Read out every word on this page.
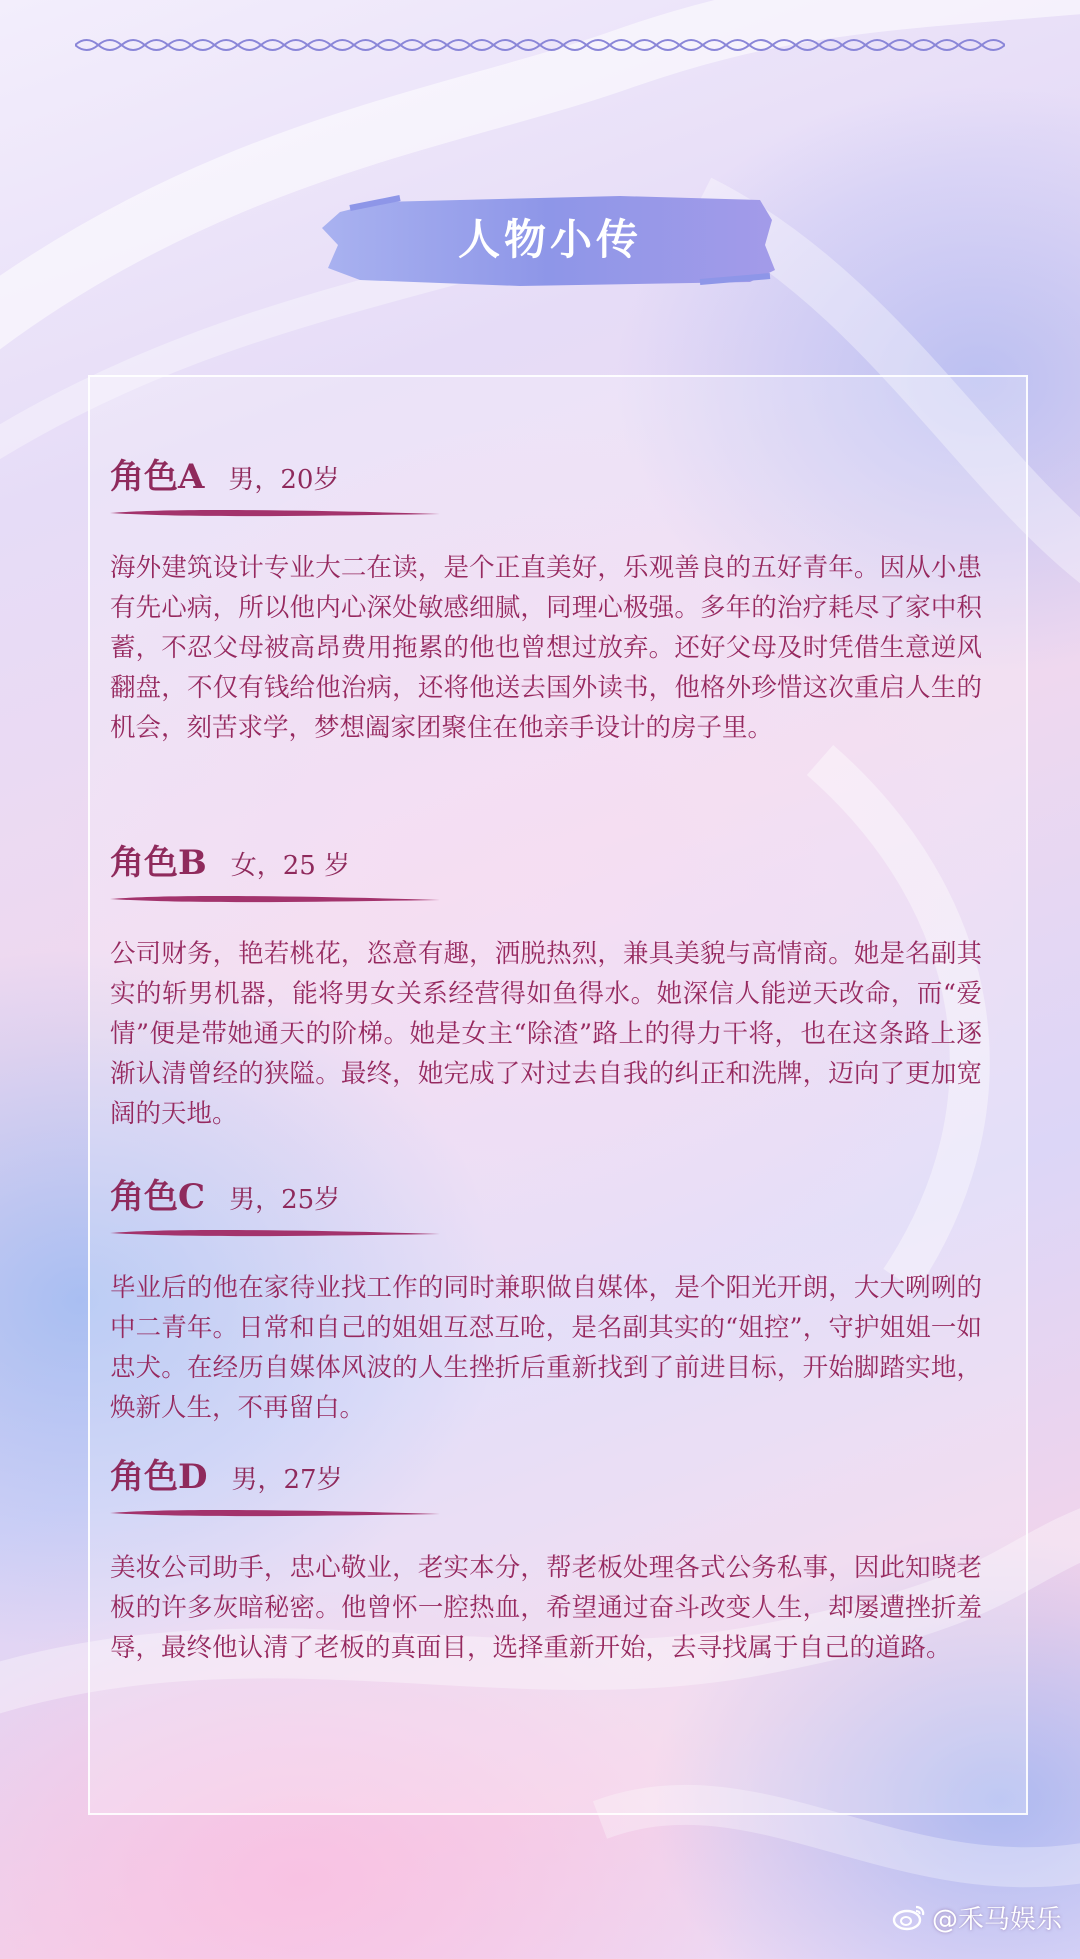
人物小传
角色A 男，20岁
海外建筑设计专业大二在读，是个正直美好，乐观善良的五好青年。因从小患有先心病，所以他内心深处敏感细腻，同理心极强。多年的治疗耗尽了家中积蓄，不忍父母被高昂费用拖累的他也曾想过放弃。还好父母及时凭借生意逆风翻盘，不仅有钱给他治病，还将他送去国外读书，他格外珍惜这次重启人生的机会，刻苦求学，梦想阖家团聚住在他亲手设计的房子里。
角色B 女，25 岁
公司财务，艳若桃花，恣意有趣，洒脱热烈，兼具美貌与高情商。她是名副其实的斩男机器，能将男女关系经营得如鱼得水。她深信人能逆天改命，而“爱情”便是带她通天的阶梯。她是女主“除渣”路上的得力干将，也在这条路上逐渐认清曾经的狭隘。最终，她完成了对过去自我的纠正和洗牌，迈向了更加宽阔的天地。
角色C 男，25岁
毕业后的他在家待业找工作的同时兼职做自媒体，是个阳光开朗，大大咧咧的中二青年。日常和自己的姐姐互怼互呛，是名副其实的“姐控”，守护姐姐一如忠犬。在经历自媒体风波的人生挫折后重新找到了前进目标，开始脚踏实地，焕新人生，不再留白。
角色D 男，27岁
美妆公司助手，忠心敬业，老实本分，帮老板处理各式公务私事，因此知晓老板的许多灰暗秘密。他曾怀一腔热血，希望通过奋斗改变人生，却屡遭挫折羞辱，最终他认清了老板的真面目，选择重新开始，去寻找属于自己的道路。
@禾马娱乐
